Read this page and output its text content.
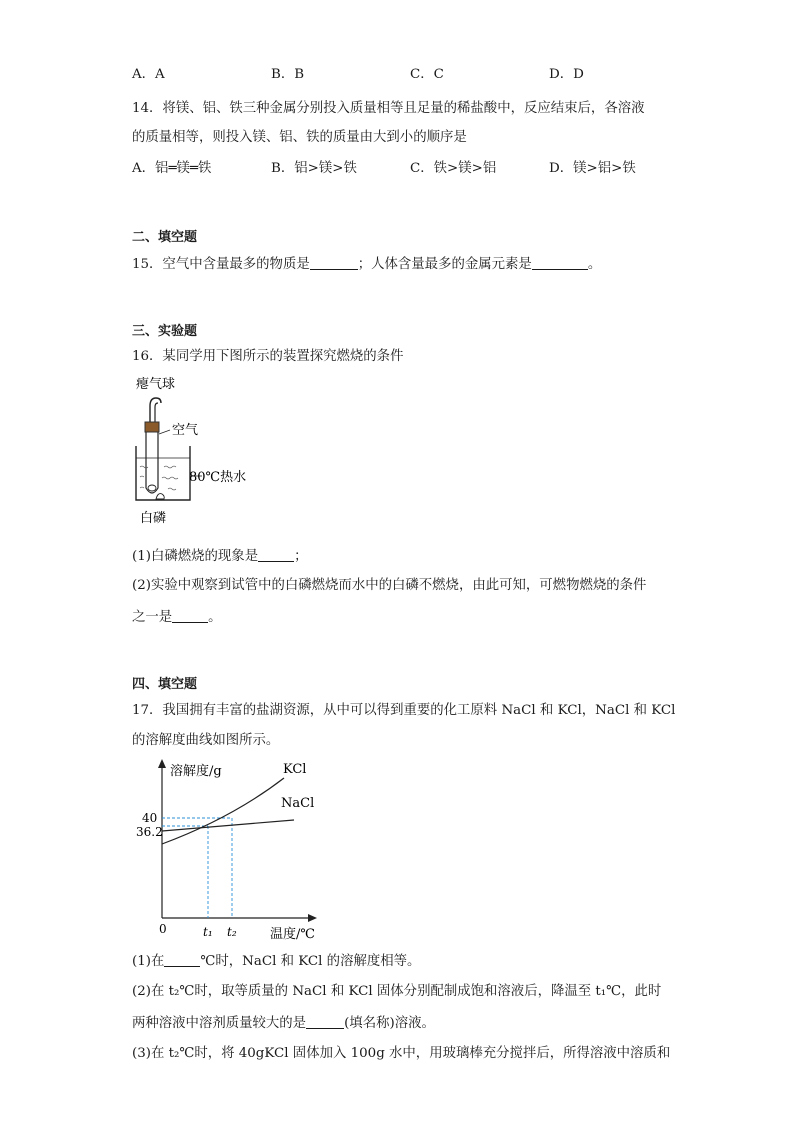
A．A	B．B	C．C	D．D
14．将镁、铝、铁三种金属分别投入质量相等且足量的稀盐酸中，反应结束后，各溶液
的质量相等，则投入镁、铝、铁的质量由大到小的顺序是
A．铝═镁═铁	B．铝>镁>铁	C．铁>镁>铝	D．镁>铝>铁
二、填空题
15．空气中含量最多的物质是	；人体含量最多的金属元素是	。
三、实验题
16．某同学用下图所示的装置探究燃烧的条件
瘪气球
空气
80℃热水
白磷
(1)白磷燃烧的现象是	；
(2)实验中观察到试管中的白磷燃烧而水中的白磷不燃烧，由此可知，可燃物燃烧的条件
之一是	。
四、填空题
17．我国拥有丰富的盐湖资源，从中可以得到重要的化工原料 NaCl 和 KCl，NaCl 和 KCl
的溶解度曲线如图所示。
溶解度/g
温度/℃
0
40
36.2
t₁ t₂
KCl
NaCl
(1)在	℃时，NaCl 和 KCl 的溶解度相等。
(2)在 t₂℃时，取等质量的 NaCl 和 KCl 固体分别配制成饱和溶液后，降温至 t₁℃，此时
两种溶液中溶剂质量较大的是	(填名称)溶液。
(3)在 t₂℃时，将 40gKCl 固体加入 100g 水中，用玻璃棒充分搅拌后，所得溶液中溶质和
